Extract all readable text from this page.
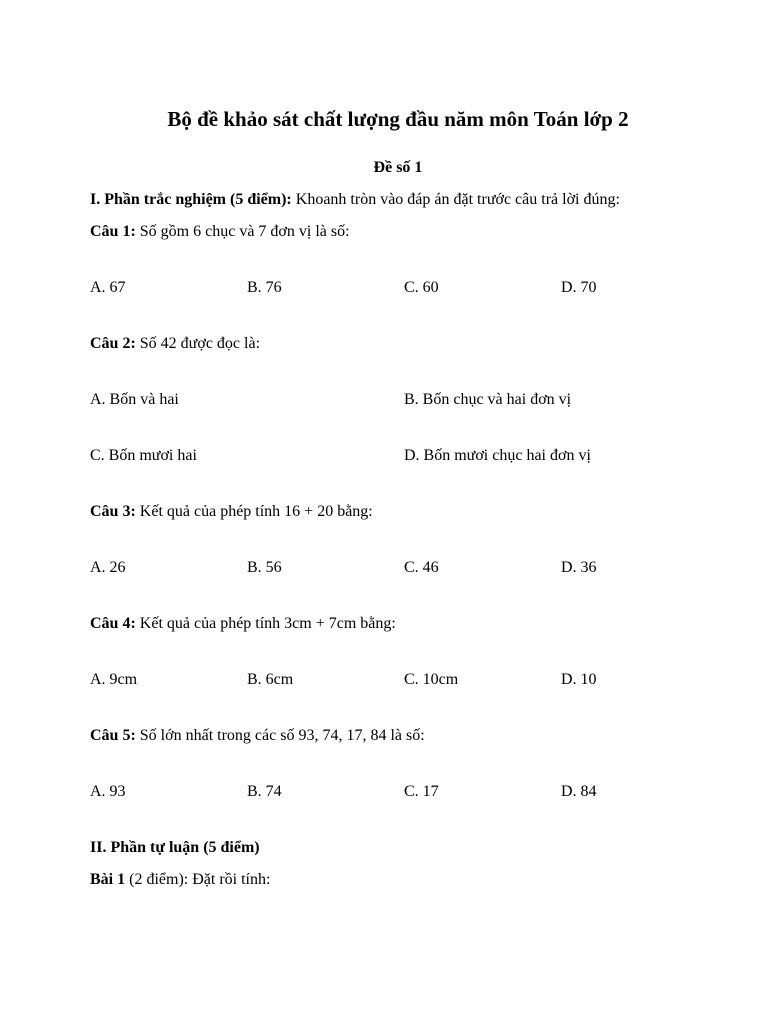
Bộ đề khảo sát chất lượng đầu năm môn Toán lớp 2
Đề số 1
I. Phần trắc nghiệm (5 điểm): Khoanh tròn vào đáp án đặt trước câu trả lời đúng:
Câu 1: Số gồm 6 chục và 7 đơn vị là số:
A. 67	B. 76	C. 60	D. 70
Câu 2: Số 42 được đọc là:
A. Bốn và hai	B. Bốn chục và hai đơn vị
C. Bốn mươi hai	D. Bốn mươi chục hai đơn vị
Câu 3: Kết quả của phép tính 16 + 20 bằng:
A. 26	B. 56	C. 46	D. 36
Câu 4: Kết quả của phép tính 3cm + 7cm bằng:
A. 9cm	B. 6cm	C. 10cm	D. 10
Câu 5: Số lớn nhất trong các số 93, 74, 17, 84 là số:
A. 93	B. 74	C. 17	D. 84
II. Phần tự luận (5 điểm)
Bài 1 (2 điểm): Đặt rồi tính:
